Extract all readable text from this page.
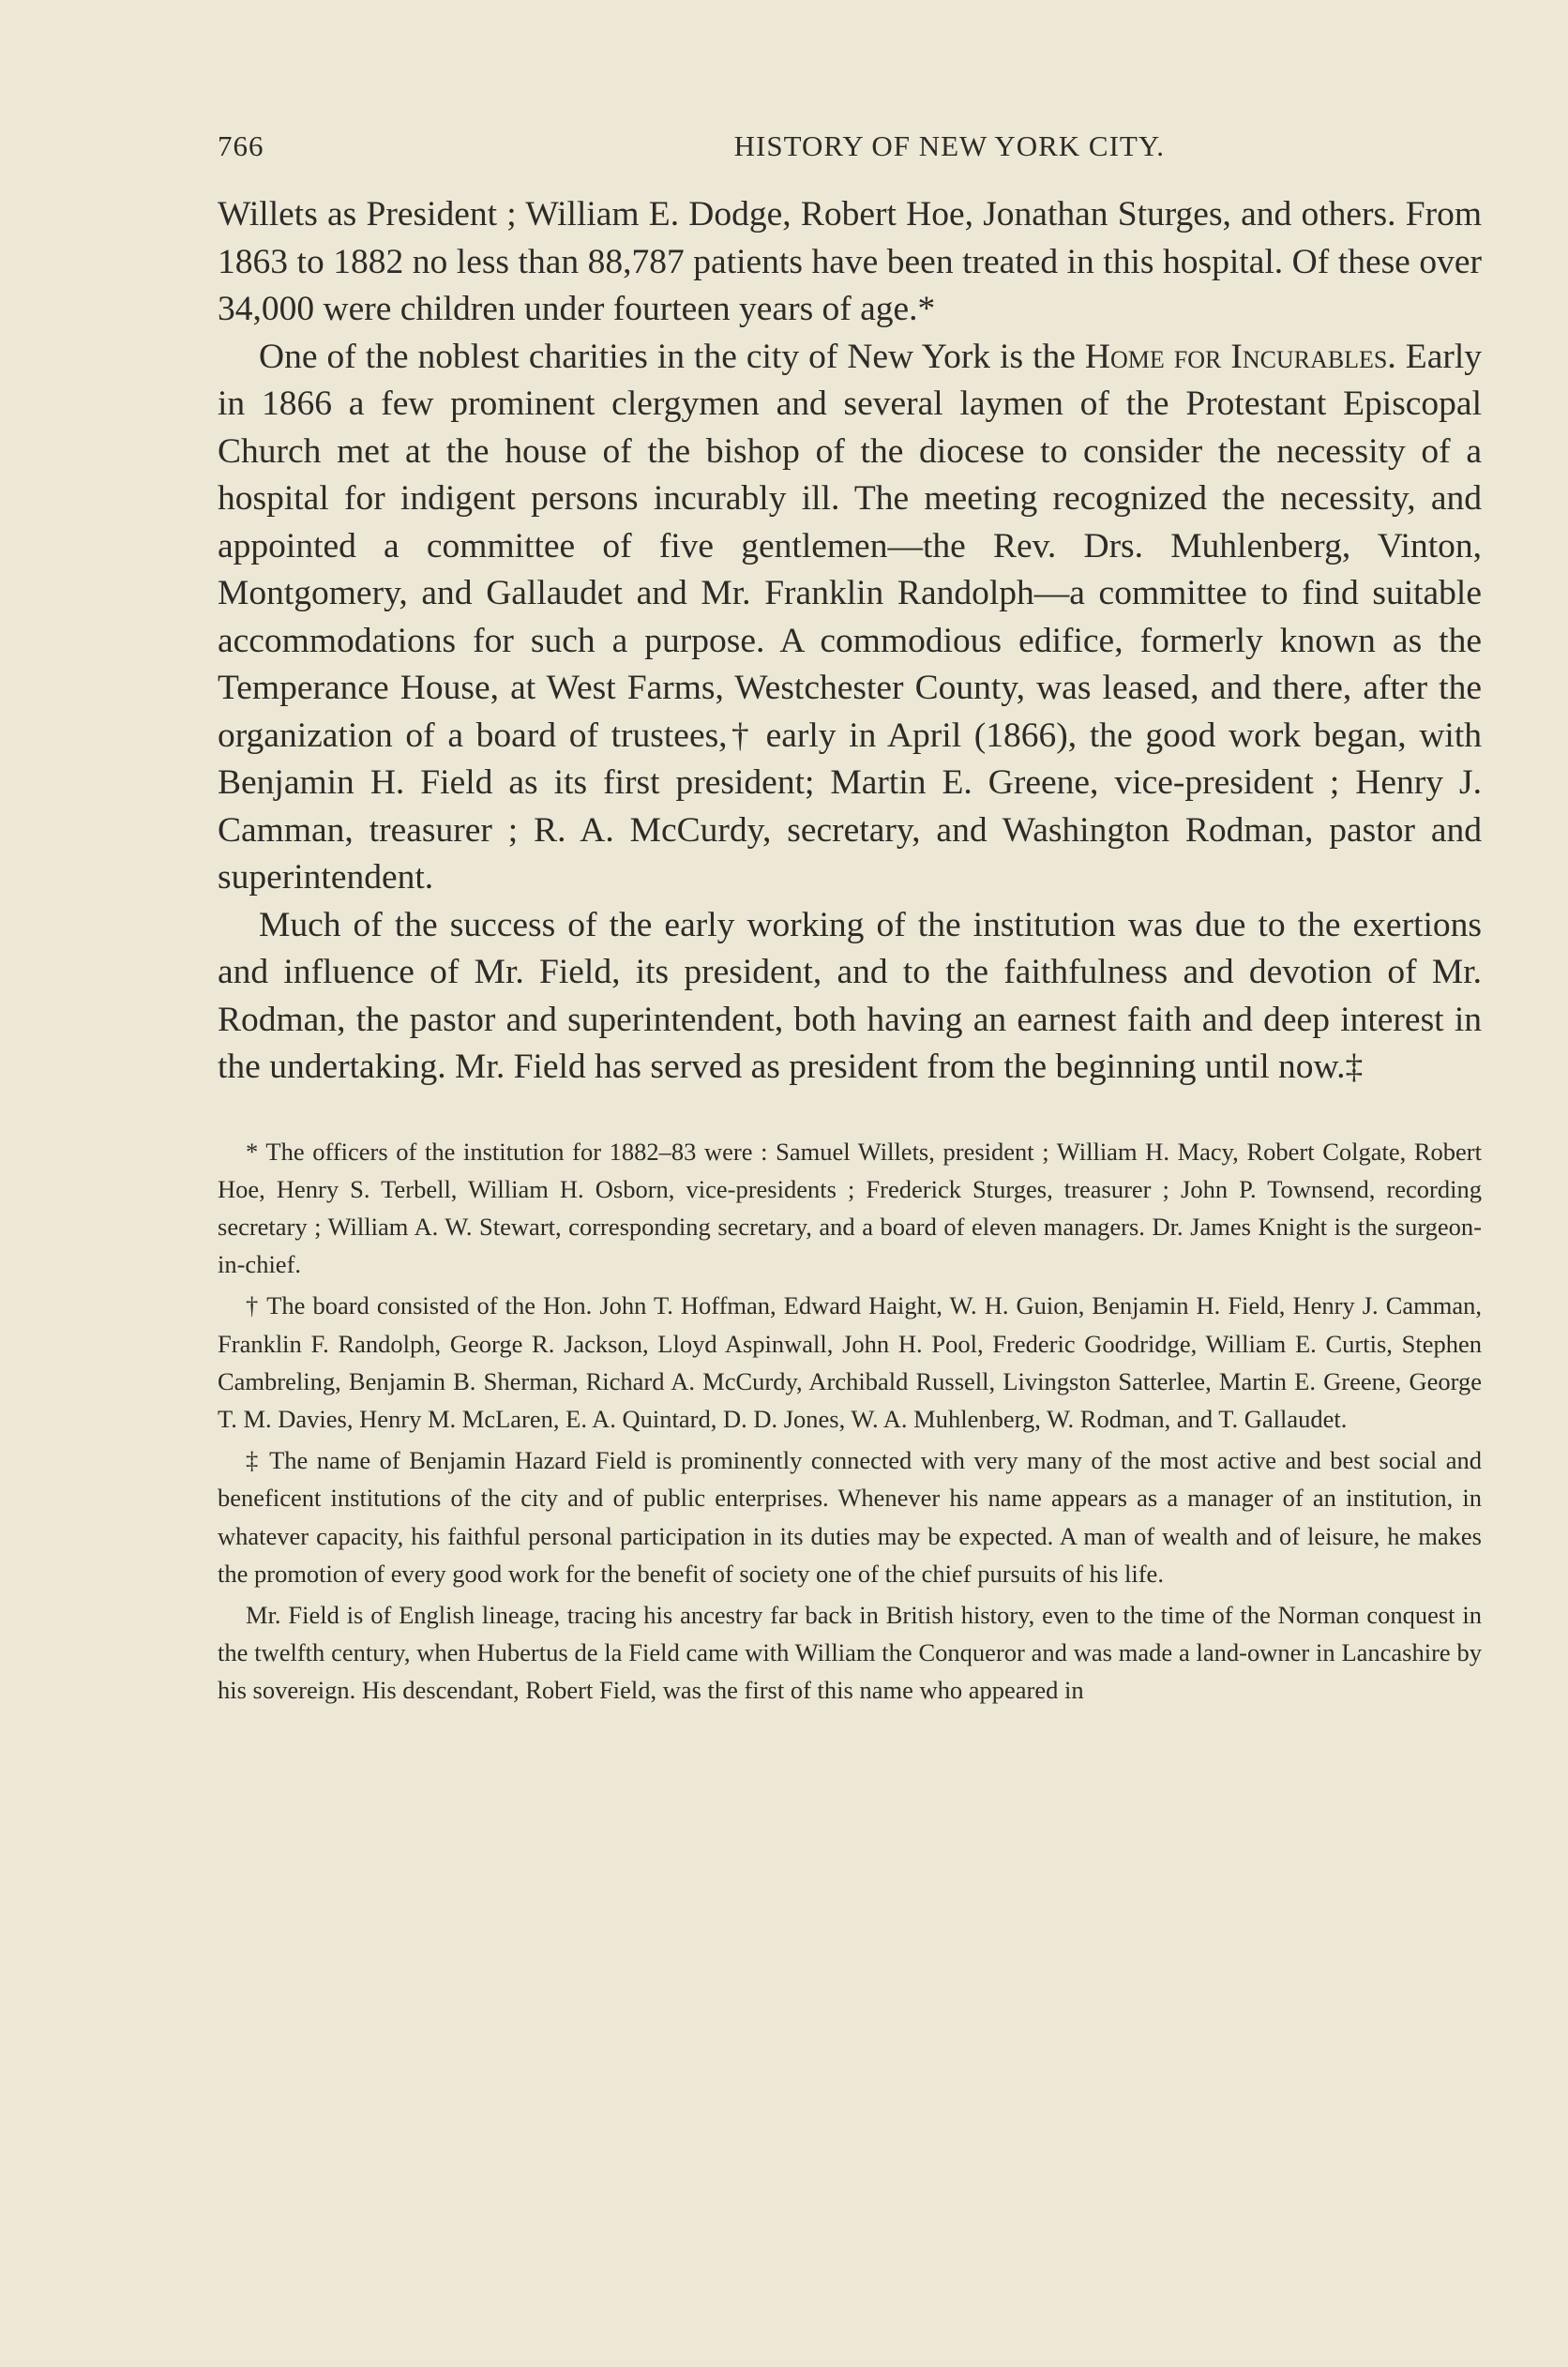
766	HISTORY OF NEW YORK CITY.

Willets as President ; William E. Dodge, Robert Hoe, Jonathan Sturges, and others. From 1863 to 1882 no less than 88,787 patients have been treated in this hospital. Of these over 34,000 were children under fourteen years of age.*

One of the noblest charities in the city of New York is the Home for Incurables. Early in 1866 a few prominent clergymen and several laymen of the Protestant Episcopal Church met at the house of the bishop of the diocese to consider the necessity of a hospital for indigent persons incurably ill. The meeting recognized the necessity, and appointed a committee of five gentlemen—the Rev. Drs. Muhlenberg, Vinton, Montgomery, and Gallaudet and Mr. Franklin Randolph—a committee to find suitable accommodations for such a purpose. A commodious edifice, formerly known as the Temperance House, at West Farms, Westchester County, was leased, and there, after the organization of a board of trustees,† early in April (1866), the good work began, with Benjamin H. Field as its first president; Martin E. Greene, vice-president ; Henry J. Camman, treasurer ; R. A. McCurdy, secretary, and Washington Rodman, pastor and superintendent.

Much of the success of the early working of the institution was due to the exertions and influence of Mr. Field, its president, and to the faithfulness and devotion of Mr. Rodman, the pastor and superintendent, both having an earnest faith and deep interest in the undertaking. Mr. Field has served as president from the beginning until now.‡

* The officers of the institution for 1882–83 were : Samuel Willets, president ; William H. Macy, Robert Colgate, Robert Hoe, Henry S. Terbell, William H. Osborn, vice-presidents ; Frederick Sturges, treasurer ; John P. Townsend, recording secretary ; William A. W. Stewart, corresponding secretary, and a board of eleven managers. Dr. James Knight is the surgeon-in-chief.

† The board consisted of the Hon. John T. Hoffman, Edward Haight, W. H. Guion, Benjamin H. Field, Henry J. Camman, Franklin F. Randolph, George R. Jackson, Lloyd Aspinwall, John H. Pool, Frederic Goodridge, William E. Curtis, Stephen Cambreling, Benjamin B. Sherman, Richard A. McCurdy, Archibald Russell, Livingston Satterlee, Martin E. Greene, George T. M. Davies, Henry M. McLaren, E. A. Quintard, D. D. Jones, W. A. Muhlenberg, W. Rodman, and T. Gallaudet.

‡ The name of Benjamin Hazard Field is prominently connected with very many of the most active and best social and beneficent institutions of the city and of public enterprises. Whenever his name appears as a manager of an institution, in whatever capacity, his faithful personal participation in its duties may be expected. A man of wealth and of leisure, he makes the promotion of every good work for the benefit of society one of the chief pursuits of his life.

Mr. Field is of English lineage, tracing his ancestry far back in British history, even to the time of the Norman conquest in the twelfth century, when Hubertus de la Field came with William the Conqueror and was made a land-owner in Lancashire by his sovereign. His descendant, Robert Field, was the first of this name who appeared in
